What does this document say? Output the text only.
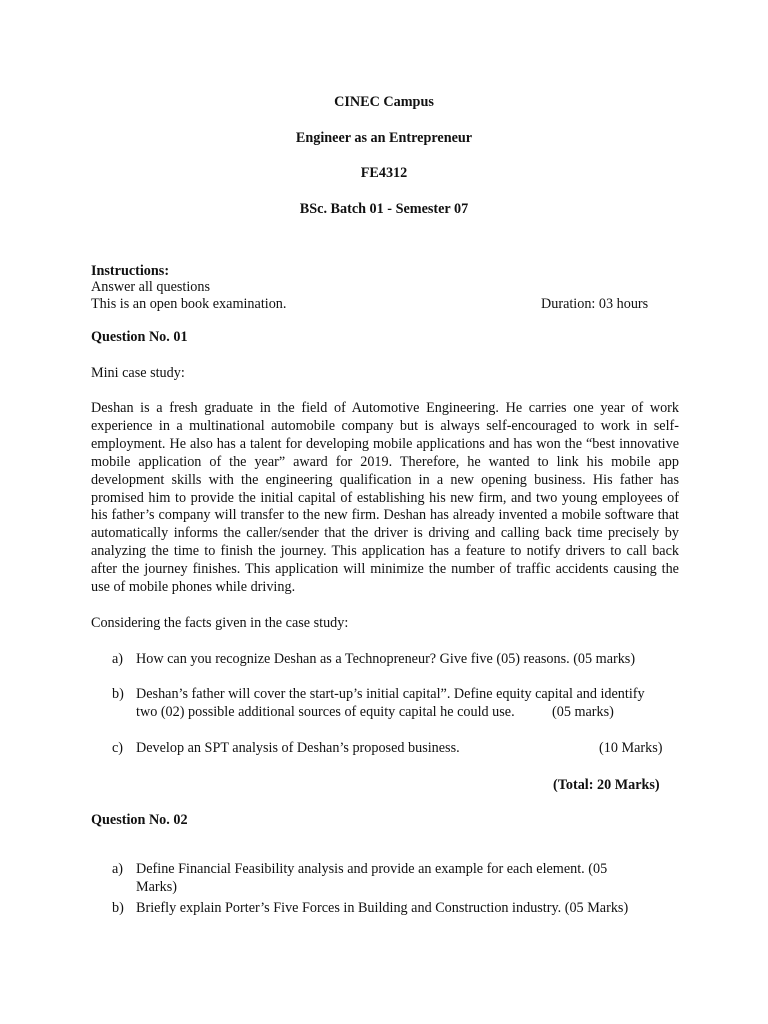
CINEC Campus
Engineer as an Entrepreneur
FE4312
BSc. Batch 01 - Semester 07
Instructions:
Answer all questions
This is an open book examination.	Duration: 03 hours
Question No. 01
Mini case study:
Deshan is a fresh graduate in the field of Automotive Engineering. He carries one year of work experience in a multinational automobile company but is always self-encouraged to work in self-employment. He also has a talent for developing mobile applications and has won the “best innovative mobile application of the year” award for 2019. Therefore, he wanted to link his mobile app development skills with the engineering qualification in a new opening business. His father has promised him to provide the initial capital of establishing his new firm, and two young employees of his father’s company will transfer to the new firm. Deshan has already invented a mobile software that automatically informs the caller/sender that the driver is driving and calling back time precisely by analyzing the time to finish the journey. This application has a feature to notify drivers to call back after the journey finishes. This application will minimize the number of traffic accidents causing the use of mobile phones while driving.
Considering the facts given in the case study:
a) How can you recognize Deshan as a Technopreneur? Give five (05) reasons. (05 marks)
b) Deshan’s father will cover the start-up’s initial capital”. Define equity capital and identify
two (02) possible additional sources of equity capital he could use.	(05 marks)
c) Develop an SPT analysis of Deshan’s proposed business.	(10 Marks)
(Total: 20 Marks)
Question No. 02
a) Define Financial Feasibility analysis and provide an example for each element. (05
Marks)
b) Briefly explain Porter’s Five Forces in Building and Construction industry. (05 Marks)
